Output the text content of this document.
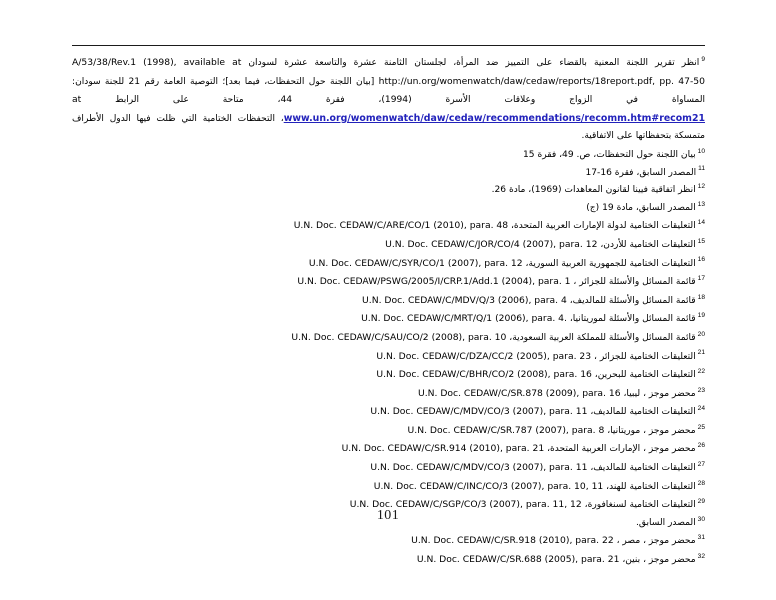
$^9$انظر تقرير اللجنة المعنية بالقضاء على التمييز ضد المرأة، لجلستان الثامنة عشرة والتاسعة عشرة لسودان A/53/38/Rev.1 (1998), available at http://un.org/womenwatch/daw/cedaw/reports/18report.pdf, pp. 47-50 [بيان اللجنة حول التحفظات، فيما بعد]؛ التوصية العامة رقم 21 للجنة سودان: المساواة في الزواج وعلاقات الأسرة (1994)، فقرة 44، متاحة على الرابط at www.un.org/womenwatch/daw/cedaw/recommendations/recomm.htm#recom21، التحفظات الختامية التي ظلت فيها الدول الأطراف متمسكة بتحفظاتها على الاتفاقية.

$^{10}$بيان اللجنة حول التحفظات، ص. 49، فقرة 15

$^{11}$المصدر السابق، فقرة 16-17

$^{12}$انظر اتفاقية فيينا لقانون المعاهدات (1969)، مادة 26.

$^{13}$المصدر السابق، مادة 19 (ج)

$^{14}$التعليقات الختامية لدولة الإمارات العربية المتحدة، U.N. Doc. CEDAW/C/ARE/CO/1 (2010), para. 48

$^{15}$التعليقات الختامية للأردن، U.N. Doc. CEDAW/C/JOR/CO/4 (2007), para. 12

$^{16}$التعليقات الختامية للجمهورية العربية السورية، U.N. Doc. CEDAW/C/SYR/CO/1 (2007), para. 12

$^{17}$قائمة المسائل والأسئلة للجزائر ، U.N. Doc. CEDAW/PSWG/2005/I/CRP.1/Add.1 (2004), para. 1

$^{18}$قائمة المسائل والأسئلة للمالديف، U.N. Doc. CEDAW/C/MDV/Q/3 (2006), para. 4

$^{19}$قائمة المسائل والأسئلة لموريتانيا، U.N. Doc. CEDAW/C/MRT/Q/1 (2006), para. 4.

$^{20}$قائمة المسائل والأسئلة للمملكة العربية السعودية، U.N. Doc. CEDAW/C/SAU/CO/2 (2008), para. 10

$^{21}$التعليقات الختامية للجزائر ، U.N. Doc. CEDAW/C/DZA/CC/2 (2005), para. 23

$^{22}$التعليقات الختامية للبحرين، U.N. Doc. CEDAW/C/BHR/CO/2 (2008), para. 16

$^{23}$محضر موجز ، ليبيا، U.N. Doc. CEDAW/C/SR.878 (2009), para. 16

$^{24}$التعليقات الختامية للمالديف، U.N. Doc. CEDAW/C/MDV/CO/3 (2007), para. 11

$^{25}$محضر موجز ، موريتانيا، U.N. Doc. CEDAW/C/SR.787 (2007), para. 8

$^{26}$محضر موجز ، الإمارات العربية المتحدة، U.N. Doc. CEDAW/C/SR.914 (2010), para. 21

$^{27}$التعليقات الختامية للمالديف، U.N. Doc. CEDAW/C/MDV/CO/3 (2007), para. 11

$^{28}$التعليقات الختامية للهند، U.N. Doc. CEDAW/C/INC/CO/3 (2007), para. 10, 11

$^{29}$التعليقات الختامية لسنغافورة، U.N. Doc. CEDAW/C/SGP/CO/3 (2007), para. 11, 12

$^{30}$المصدر السابق.

$^{31}$محضر موجز ، مصر ، U.N. Doc. CEDAW/C/SR.918 (2010), para. 22

$^{32}$محضر موجز ، بنين، U.N. Doc. CEDAW/C/SR.688 (2005), para. 21

101
